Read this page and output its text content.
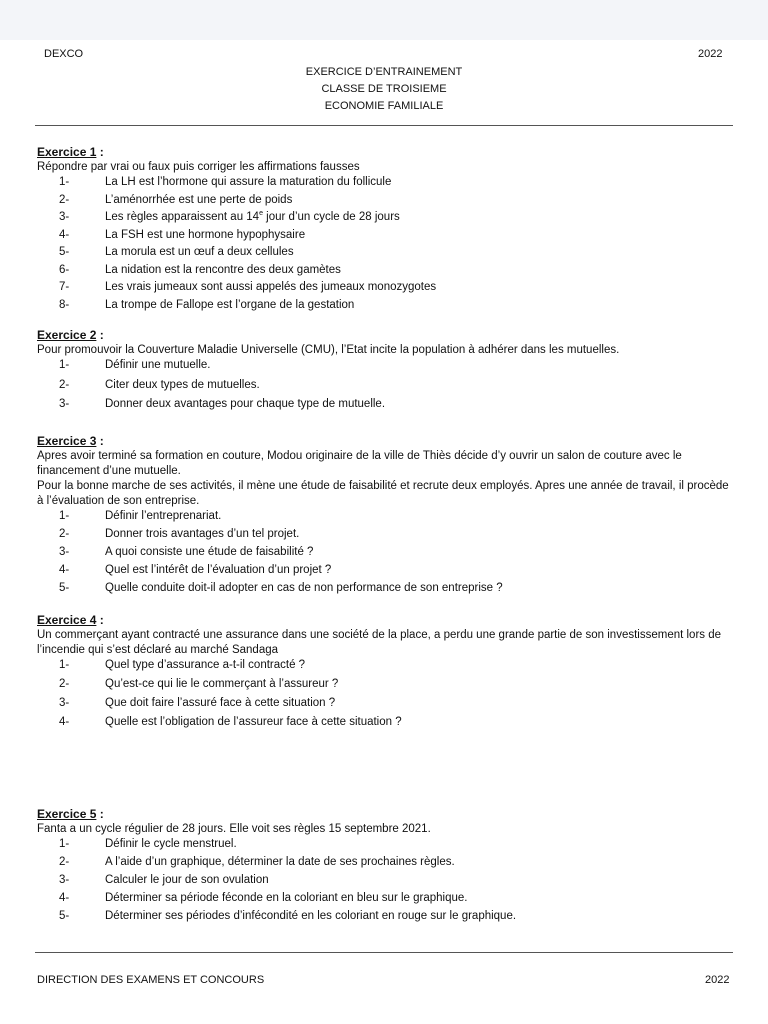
DEXCO	2022
EXERCICE D’ENTRAINEMENT
CLASSE DE TROISIEME
ECONOMIE FAMILIALE
Exercice 1 :

Répondre par vrai ou faux puis corriger les affirmations fausses

1-	La LH est l’hormone qui assure la maturation du follicule
2-	L’aménorrhée est une perte de poids
3-	Les règles apparaissent au 14e jour d’un cycle de 28 jours
4-	La FSH est une hormone hypophysaire
5-	La morula est un œuf a deux cellules
6-	La nidation est la rencontre des deux gamètes
7-	Les vrais jumeaux sont aussi appelés des jumeaux monozygotes
8-	La trompe de Fallope est l’organe de la gestation
Exercice 2 :

Pour promouvoir la Couverture Maladie Universelle (CMU), l’Etat incite la population à adhérer dans les mutuelles.

1-	Définir une mutuelle.
2-	Citer deux types de mutuelles.
3-	Donner deux avantages pour chaque type de mutuelle.
Exercice 3 :

Apres avoir terminé sa formation en couture, Modou originaire de la ville de Thiès décide d’y ouvrir un salon de couture avec le financement d’une mutuelle.

Pour la bonne marche de ses activités, il mène une étude de faisabilité et recrute deux employés. Apres une année de travail, il procède à l’évaluation de son entreprise.

1-	Définir l’entreprenariat.
2-	Donner trois avantages d’un tel projet.
3-	A quoi consiste une étude de faisabilité ?
4-	Quel est l’intérêt de l’évaluation d’un projet ?
5-	Quelle conduite doit-il adopter en cas de non performance de son entreprise ?
Exercice 4 :

Un commerçant ayant contracté une assurance dans une société de la place, a perdu une grande partie de son investissement lors de l’incendie qui s’est déclaré au marché Sandaga

1-	Quel type d’assurance a-t-il contracté ?
2-	Qu’est-ce qui lie le commerçant à l’assureur ?
3-	Que doit faire l’assuré face à cette situation ?
4-	Quelle est l’obligation de l’assureur face à cette situation ?
Exercice 5 :

Fanta a un cycle régulier de 28 jours. Elle voit ses règles 15 septembre 2021.

1-	Définir le cycle menstruel.
2-	A l’aide d’un graphique, déterminer la date de ses prochaines règles.
3-	Calculer le jour de son ovulation
4-	Déterminer sa période féconde en la coloriant en bleu sur le graphique.
5-	Déterminer ses périodes d’infécondité en les coloriant en rouge sur le graphique.
DIRECTION DES EXAMENS ET CONCOURS	2022
